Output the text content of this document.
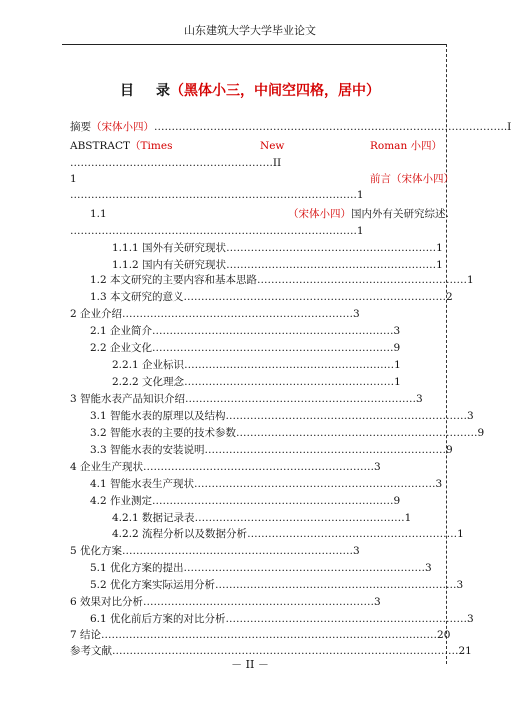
山东建筑大学大学毕业论文
目 录（黑体小三，中间空四格，居中）
摘要（宋体小四）………………………………………………………………………………………..I
ABSTRACT（Times	New	Roman 小四）
………………………………………………….II
1	前言（宋体小四）
……………………………………………………………………….1
1.1	（宋体小四）国内外有关研究综述.
……………………………………………………………………….1
1.1.1 国外有关研究现状……………………………………………………1
1.1.2 国内有关研究现状……………………………………………………1
1.2 本文研究的主要内容和基本思路……………………………………………………1
1.3 本文研究的意义…………………………………………………………………2
2 企业介绍…………………………………………………………3
2.1 企业简介……………………………………………………………3
2.2 企业文化……………………………………………………………9
2.2.1 企业标识……………………………………………………1
2.2.2 文化理念……………………………………………………1
3 智能水表产品知识介绍…………………………………………………………3
3.1 智能水表的原理以及结构……………………………………………………………3
3.2 智能水表的主要的技术参数……………………………………………………………9
3.3 智能水表的安装说明……………………………………………………………9
4 企业生产现状…………………………………………………………3
4.1 智能水表生产现状……………………………………………………………3
4.2 作业测定……………………………………………………………9
4.2.1 数据记录表……………………………………………………1
4.2.2 流程分析以及数据分析……………………………………………………1
5 优化方案…………………………………………………………3
5.1 优化方案的提出……………………………………………………………3
5.2 优化方案实际运用分析……………………………………………………………3
6 效果对比分析…………………………………………………………3
6.1 优化前后方案的对比分析……………………………………………………………3
7 结论……………………………………………………………………………………20
参考文献………………………………………………………………………………………21
－ II －
